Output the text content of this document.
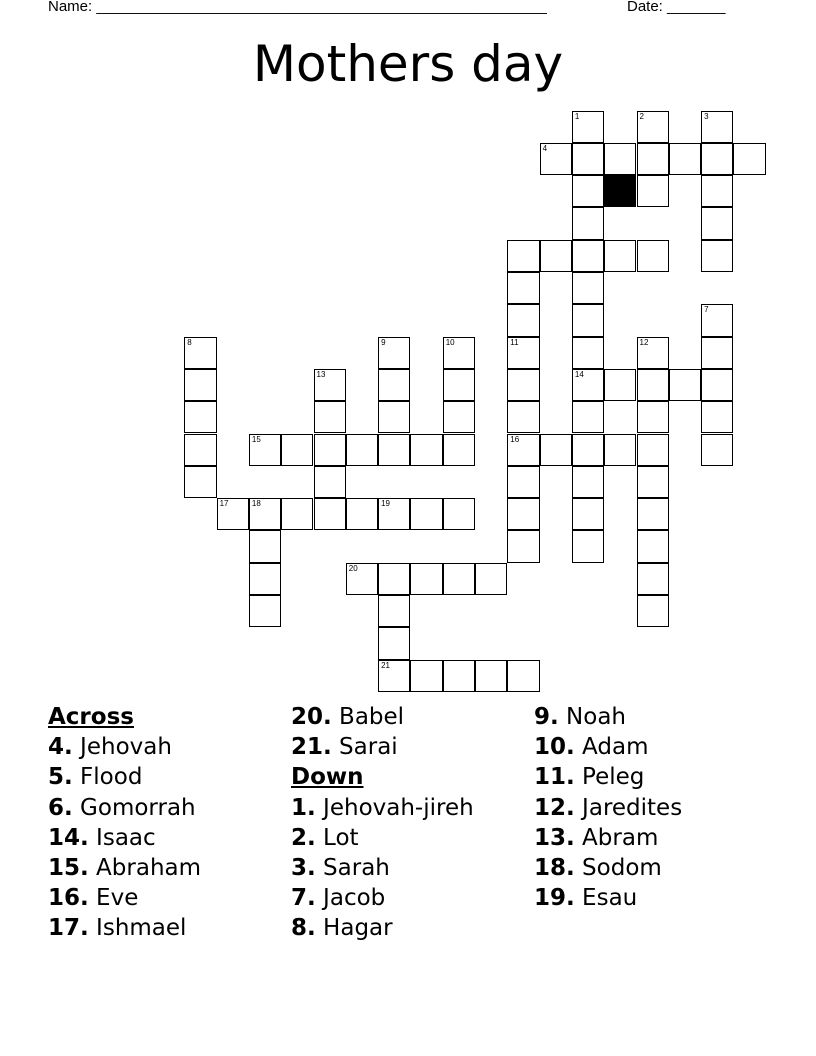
Name: ______________________________________________________	Date: _______
Mothers day
1
14
2	3
4
11
16
7
8	9	10	12
13
15
17	18	19
20
21
Across
4. Jehovah
5. Flood
6. Gomorrah
14. Isaac
15. Abraham
16. Eve
17. Ishmael
20. Babel
21. Sarai
Down
1. Jehovah-jireh
2. Lot
3. Sarah
7. Jacob
8. Hagar
9. Noah
10. Adam
11. Peleg
12. Jaredites
13. Abram
18. Sodom
19. Esau
